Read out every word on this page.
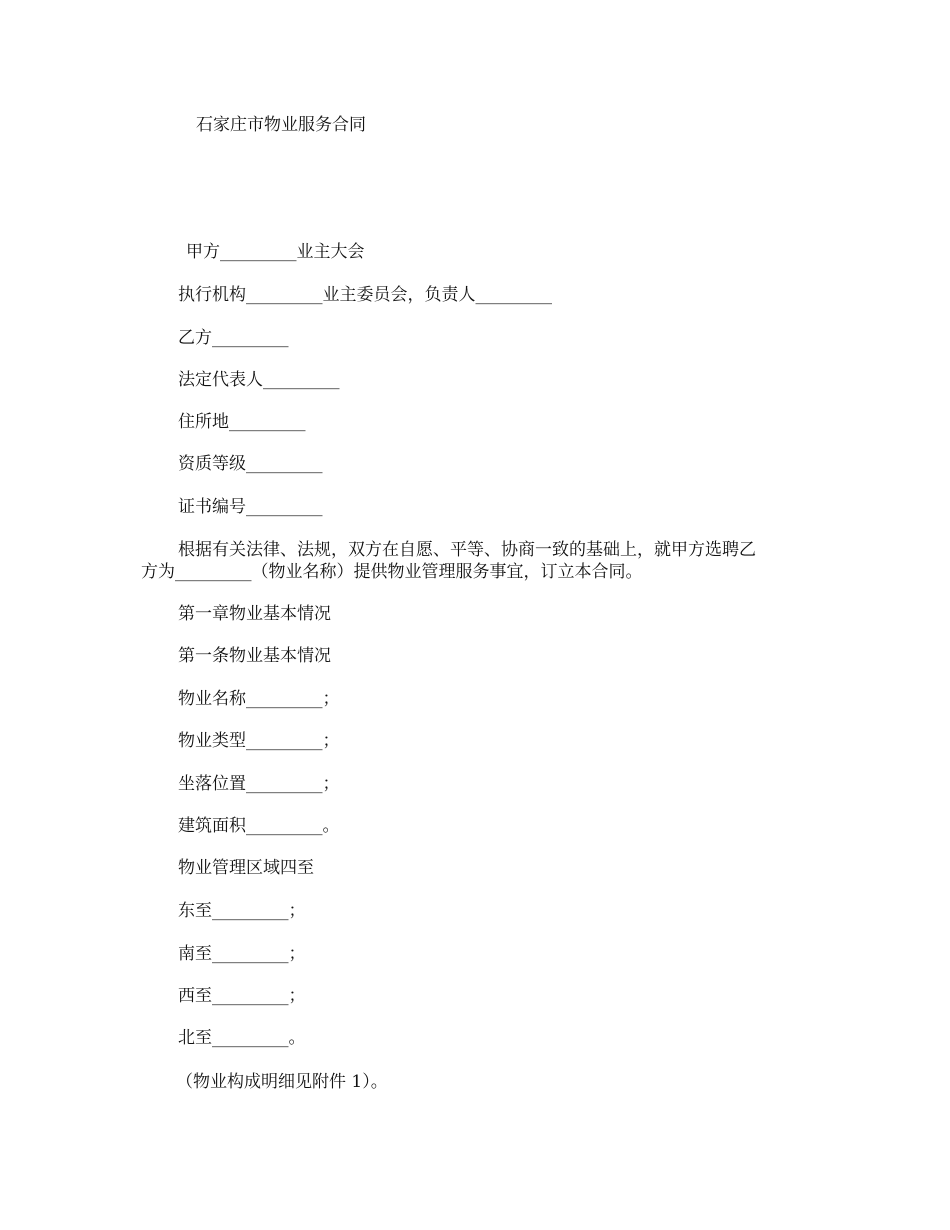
石家庄市物业服务合同
甲方_________业主大会
执行机构_________业主委员会，负责人_________
乙方_________
法定代表人_________
住所地_________
资质等级_________
证书编号_________
根据有关法律、法规，双方在自愿、平等、协商一致的基础上，就甲方选聘乙
方为_________（物业名称）提供物业管理服务事宜，订立本合同。
第一章物业基本情况
第一条物业基本情况
物业名称_________；
物业类型_________；
坐落位置_________；
建筑面积_________。
物业管理区域四至
东至_________；
南至_________；
西至_________；
北至_________。
（物业构成明细见附件 1）。
